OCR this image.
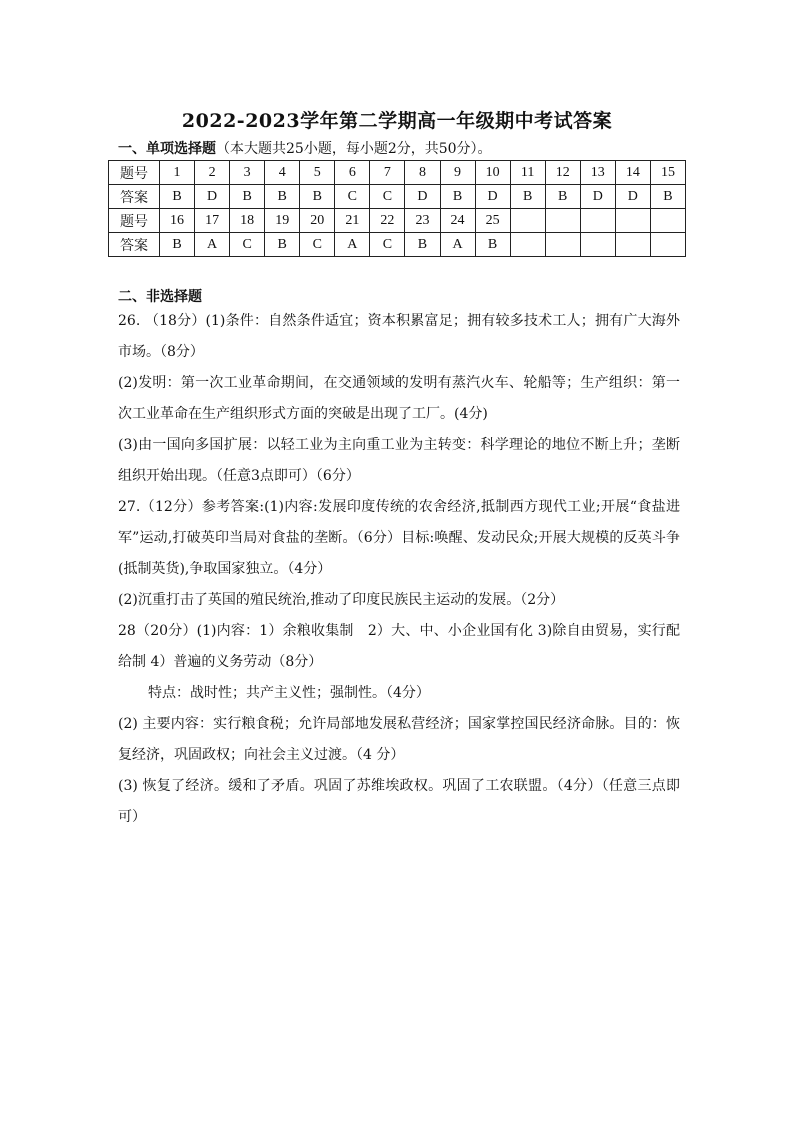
2022-2023学年第二学期高一年级期中考试答案
一、单项选择题（本大题共25小题，每小题2分，共50分）。
题号	1	2	3	4	5	6	7	8	9	10	11	12	13	14	15
答案	B	D	B	B	B	C	C	D	B	D	B	B	D	D	B
题号	16	17	18	19	20	21	22	23	24	25					
答案	B	A	C	B	C	A	C	B	A	B					
二、非选择题

26. （18分）(1)条件：自然条件适宜；资本积累富足；拥有较多技术工人；拥有广大海外市场。（8分）

(2)发明：第一次工业革命期间，在交通领域的发明有蒸汽火车、轮船等；生产组织：第一次工业革命在生产组织形式方面的突破是出现了工厂。(4分)

(3)由一国向多国扩展：以轻工业为主向重工业为主转变：科学理论的地位不断上升；垄断组织开始出现。（任意3点即可）（6分）

27.（12分）参考答案:(1)内容:发展印度传统的农舍经济,抵制西方现代工业;开展“食盐进军”运动,打破英印当局对食盐的垄断。（6分）目标:唤醒、发动民众;开展大规模的反英斗争(抵制英货),争取国家独立。（4分）

(2)沉重打击了英国的殖民统治,推动了印度民族民主运动的发展。（2分）

28（20分）(1)内容：1）余粮收集制　2）大、中、小企业国有化 3)除自由贸易，实行配给制 4）普遍的义务劳动（8分）

特点：战时性；共产主义性；强制性。（4分）

(2) 主要内容：实行粮食税；允许局部地发展私营经济；国家掌控国民经济命脉。目的：恢复经济，巩固政权；向社会主义过渡。（4 分）

(3) 恢复了经济。缓和了矛盾。巩固了苏维埃政权。巩固了工农联盟。（4分）（任意三点即可）
